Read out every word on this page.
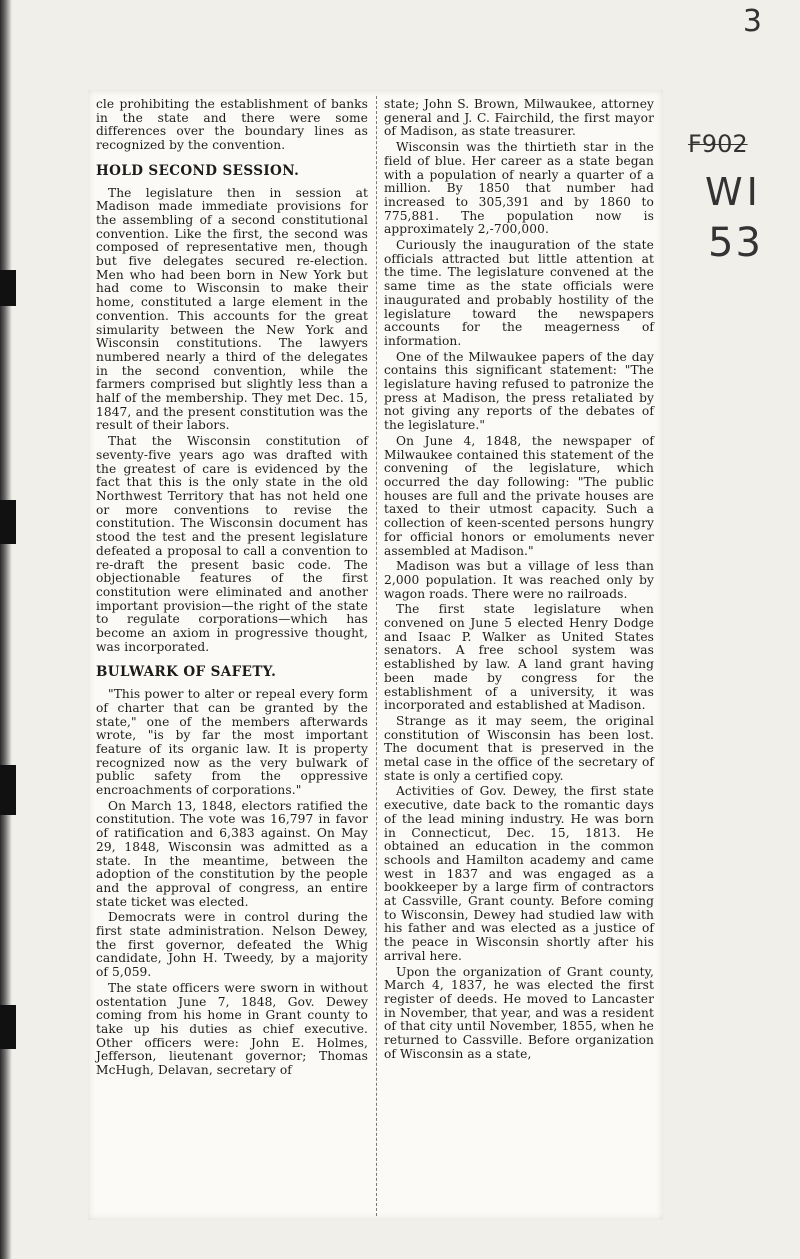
3
F902
WI
53

cle prohibiting the establishment of banks in the state and there were some differences over the boundary lines as recognized by the convention.

HOLD SECOND SESSION.

The legislature then in session at Madison made immediate provisions for the assembling of a second constitutional convention. Like the first, the second was composed of representative men, though but five delegates secured re-election. Men who had been born in New York but had come to Wisconsin to make their home, constituted a large element in the convention. This accounts for the great simularity between the New York and Wisconsin constitutions. The lawyers numbered nearly a third of the delegates in the second convention, while the farmers comprised but slightly less than a half of the membership. They met Dec. 15, 1847, and the present constitution was the result of their labors.

That the Wisconsin constitution of seventy-five years ago was drafted with the greatest of care is evidenced by the fact that this is the only state in the old Northwest Territory that has not held one or more conventions to revise the constitution. The Wisconsin document has stood the test and the present legislature defeated a proposal to call a convention to re-draft the present basic code. The objectionable features of the first constitution were eliminated and another important provision—the right of the state to regulate corporations—which has become an axiom in progressive thought, was incorporated.

BULWARK OF SAFETY.

"This power to alter or repeal every form of charter that can be granted by the state," one of the members afterwards wrote, "is by far the most important feature of its organic law. It is property recognized now as the very bulwark of public safety from the oppressive encroachments of corporations."

On March 13, 1848, electors ratified the constitution. The vote was 16,797 in favor of ratification and 6,383 against. On May 29, 1848, Wisconsin was admitted as a state. In the meantime, between the adoption of the constitution by the people and the approval of congress, an entire state ticket was elected.

Democrats were in control during the first state administration. Nelson Dewey, the first governor, defeated the Whig candidate, John H. Tweedy, by a majority of 5,059.

The state officers were sworn in without ostentation June 7, 1848, Gov. Dewey coming from his home in Grant county to take up his duties as chief executive. Other officers were: John E. Holmes, Jefferson, lieutenant governor; Thomas McHugh, Delavan, secretary of

state; John S. Brown, Milwaukee, attorney general and J. C. Fairchild, the first mayor of Madison, as state treasurer.

Wisconsin was the thirtieth star in the field of blue. Her career as a state began with a population of nearly a quarter of a million. By 1850 that number had increased to 305,391 and by 1860 to 775,881. The population now is approximately 2,-700,000.

Curiously the inauguration of the state officials attracted but little attention at the time. The legislature convened at the same time as the state officials were inaugurated and probably hostility of the legislature toward the newspapers accounts for the meagerness of information.

One of the Milwaukee papers of the day contains this significant statement: "The legislature having refused to patronize the press at Madison, the press retaliated by not giving any reports of the debates of the legislature."

On June 4, 1848, the newspaper of Milwaukee contained this statement of the convening of the legislature, which occurred the day following: "The public houses are full and the private houses are taxed to their utmost capacity. Such a collection of keen-scented persons hungry for official honors or emoluments never assembled at Madison."

Madison was but a village of less than 2,000 population. It was reached only by wagon roads. There were no railroads.

The first state legislature when convened on June 5 elected Henry Dodge and Isaac P. Walker as United States senators. A free school system was established by law. A land grant having been made by congress for the establishment of a university, it was incorporated and established at Madison.

Strange as it may seem, the original constitution of Wisconsin has been lost. The document that is preserved in the metal case in the office of the secretary of state is only a certified copy.

Activities of Gov. Dewey, the first state executive, date back to the romantic days of the lead mining industry. He was born in Connecticut, Dec. 15, 1813. He obtained an education in the common schools and Hamilton academy and came west in 1837 and was engaged as a bookkeeper by a large firm of contractors at Cassville, Grant county. Before coming to Wisconsin, Dewey had studied law with his father and was elected as a justice of the peace in Wisconsin shortly after his arrival here.

Upon the organization of Grant county, March 4, 1837, he was elected the first register of deeds. He moved to Lancaster in November, that year, and was a resident of that city until November, 1855, when he returned to Cassville. Before organization of Wisconsin as a state,
